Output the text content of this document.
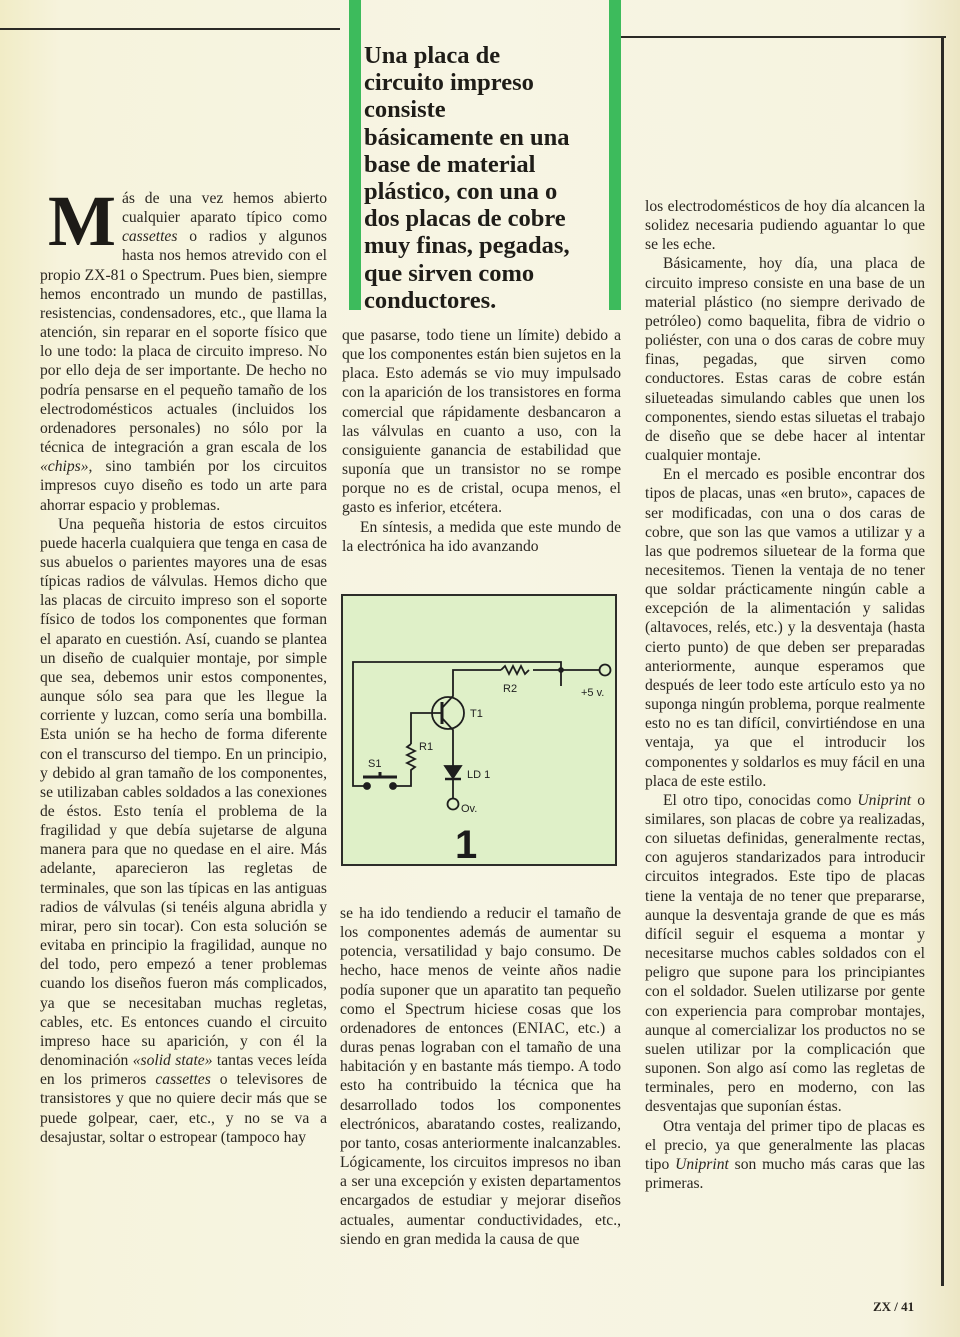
Una placa de
circuito impreso
consiste
básicamente en una
base de material
plástico, con una o
dos placas de cobre
muy finas, pegadas,
que sirven como
conductores.

M ás de una vez hemos abierto cualquier aparato típico como cassettes o radios y algunos hasta nos hemos atrevido con el propio ZX-81 o Spectrum. Pues bien, siempre hemos encontrado un mundo de pastillas, resistencias, condensadores, etc., que llama la atención, sin reparar en el soporte físico que lo une todo: la placa de circuito impreso. No por ello deja de ser importante. De hecho no podría pensarse en el pequeño tamaño de los electrodomésticos actuales (incluidos los ordenadores personales) no sólo por la técnica de integración a gran escala de los «chips», sino también por los circuitos impresos cuyo diseño es todo un arte para ahorrar espacio y problemas.

Una pequeña historia de estos circuitos puede hacerla cualquiera que tenga en casa de sus abuelos o parientes mayores una de esas típicas radios de válvulas. Hemos dicho que las placas de circuito impreso son el soporte físico de todos los componentes que forman el aparato en cuestión. Así, cuando se plantea un diseño de cualquier montaje, por simple que sea, debemos unir estos componentes, aunque sólo sea para que les llegue la corriente y luzcan, como sería una bombilla. Esta unión se ha hecho de forma diferente con el transcurso del tiempo. En un principio, y debido al gran tamaño de los componentes, se utilizaban cables soldados a las conexiones de éstos. Esto tenía el problema de la fragilidad y que debía sujetarse de alguna manera para que no quedase en el aire. Más adelante, aparecieron las regletas de terminales, que son las típicas en las antiguas radios de válvulas (si tenéis alguna abridla y mirar, pero sin tocar). Con esta solución se evitaba en principio la fragilidad, aunque no del todo, pero empezó a tener problemas cuando los diseños fueron más complicados, ya que se necesitaban muchas regletas, cables, etc. Es entonces cuando el circuito impreso hace su aparición, y con él la denominación «solid state» tantas veces leída en los primeros cassettes o televisores de transistores y que no quiere decir más que se puede golpear, caer, etc., y no se va a desajustar, soltar o estropear (tampoco hay

que pasarse, todo tiene un límite) debido a que los componentes están bien sujetos en la placa. Esto además se vio muy impulsado con la aparición de los transistores en forma comercial que rápidamente desbancaron a las válvulas en cuanto a uso, con la consiguiente ganancia de estabilidad que suponía que un transistor no se rompe porque no es de cristal, ocupa menos, el gasto es inferior, etcétera.

En síntesis, a medida que este mundo de la electrónica ha ido avanzando

R2	+5 v.
T1
R1
S1
LD 1
Ov.
1

se ha ido tendiendo a reducir el tamaño de los componentes además de aumentar su potencia, versatilidad y bajo consumo. De hecho, hace menos de veinte años nadie podía suponer que un aparatito tan pequeño como el Spectrum hiciese cosas que los ordenadores de entonces (ENIAC, etc.) a duras penas lograban con el tamaño de una habitación y en bastante más tiempo. A todo esto ha contribuido la técnica que ha desarrollado todos los componentes electrónicos, abaratando costes, realizando, por tanto, cosas anteriormente inalcanzables. Lógicamente, los circuitos impresos no iban a ser una excepción y existen departamentos encargados de estudiar y mejorar diseños actuales, aumentar conductividades, etc., siendo en gran medida la causa de que

los electrodomésticos de hoy día alcancen la solidez necesaria pudiendo aguantar lo que se les eche.

Básicamente, hoy día, una placa de circuito impreso consiste en una base de un material plástico (no siempre derivado de petróleo) como baquelita, fibra de vidrio o poliéster, con una o dos caras de cobre muy finas, pegadas, que sirven como conductores. Estas caras de cobre están silueteadas simulando cables que unen los componentes, siendo estas siluetas el trabajo de diseño que se debe hacer al intentar cualquier montaje.

En el mercado es posible encontrar dos tipos de placas, unas «en bruto», capaces de ser modificadas, con una o dos caras de cobre, que son las que vamos a utilizar y a las que podremos siluetear de la forma que necesitemos. Tienen la ventaja de no tener que soldar prácticamente ningún cable a excepción de la alimentación y salidas (altavoces, relés, etc.) y la desventaja (hasta cierto punto) de que deben ser preparadas anteriormente, aunque esperamos que después de leer todo este artículo esto ya no suponga ningún problema, porque realmente esto no es tan difícil, convirtiéndose en una ventaja, ya que el introducir los componentes y soldarlos es muy fácil en una placa de este estilo.

El otro tipo, conocidas como Uniprint o similares, son placas de cobre ya realizadas, con siluetas definidas, generalmente rectas, con agujeros standarizados para introducir circuitos integrados. Este tipo de placas tiene la ventaja de no tener que prepararse, aunque la desventaja grande de que es más difícil seguir el esquema a montar y necesitarse muchos cables soldados con el peligro que supone para los principiantes con el soldador. Suelen utilizarse por gente con experiencia para comprobar montajes, aunque al comercializar los productos no se suelen utilizar por la complicación que suponen. Son algo así como las regletas de terminales, pero en moderno, con las desventajas que suponían éstas.

Otra ventaja del primer tipo de placas es el precio, ya que generalmente las placas tipo Uniprint son mucho más caras que las primeras.

ZX / 41
